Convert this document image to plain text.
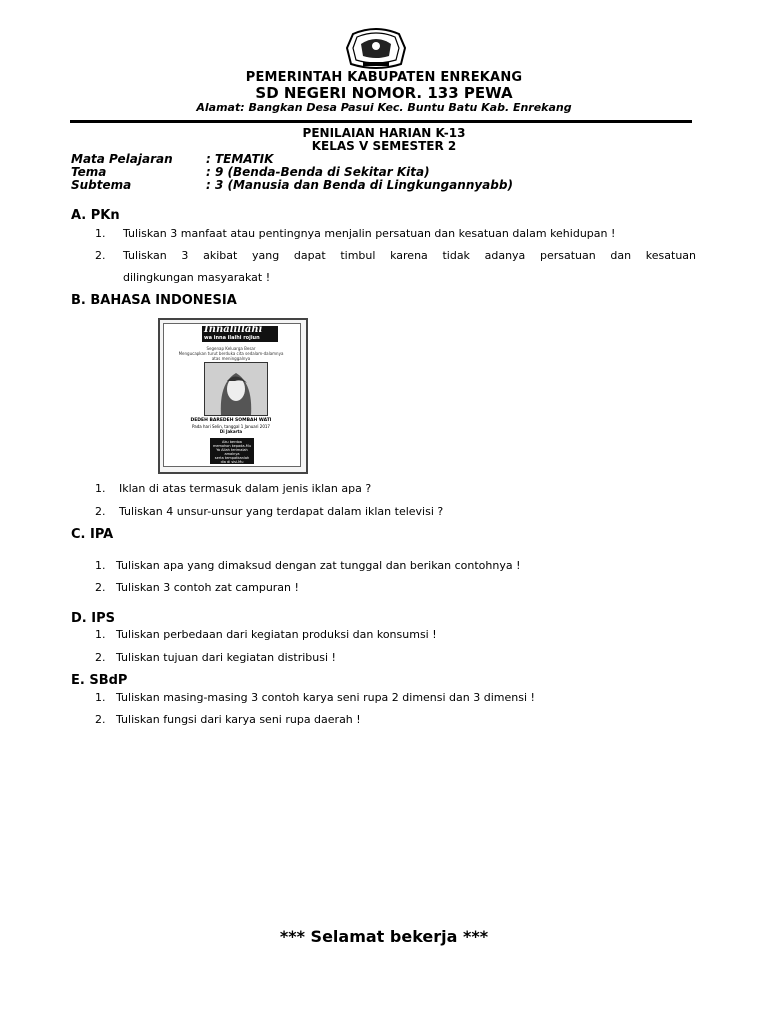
PEMERINTAH KABUPATEN ENREKANG
SD NEGERI NOMOR. 133 PEWA
Alamat: Bangkan Desa Pasui Kec. Buntu Batu Kab. Enrekang
PENILAIAN HARIAN K-13
KELAS V SEMESTER 2
Mata Pelajaran	: TEMATIK
Tema	: 9 (Benda-Benda di Sekitar Kita)
Subtema	: 3 (Manusia dan Benda di Lingkungannyabb)
A. PKn
1. Tuliskan 3 manfaat atau pentingnya menjalin persatuan dan kesatuan dalam kehidupan !
2. Tuliskan 3 akibat yang dapat timbul karena tidak adanya persatuan dan kesatuan
dilingkungan masyarakat !
B. BAHASA INDONESIA
Innalillahi
wa inna ilaihi rojiun
Segenap Keluarga Besar
Mengucapkan turut berduka cita sedalam-dalamnya
atas meninggalnya
DEDEH BAREDEH SOMBAH WATI
Pada hari Selin, tanggal 1 Januari 2017
Di Jakarta
Aku berdoa
memohon kepada-Mu
Ya Allah terimalah amalnya
serta tempatkanlah
dia di sisi-Mu
1. Iklan di atas termasuk dalam jenis iklan apa ?
2. Tuliskan 4 unsur-unsur yang terdapat dalam iklan televisi ?
C. IPA
1. Tuliskan apa yang dimaksud dengan zat tunggal dan berikan contohnya !
2. Tuliskan 3 contoh zat campuran !
D. IPS
1. Tuliskan perbedaan dari kegiatan produksi dan konsumsi !
2. Tuliskan tujuan dari kegiatan distribusi !
E. SBdP
1. Tuliskan masing-masing 3 contoh karya seni rupa 2 dimensi dan 3 dimensi !
2. Tuliskan fungsi dari karya seni rupa daerah !
*** Selamat bekerja ***
